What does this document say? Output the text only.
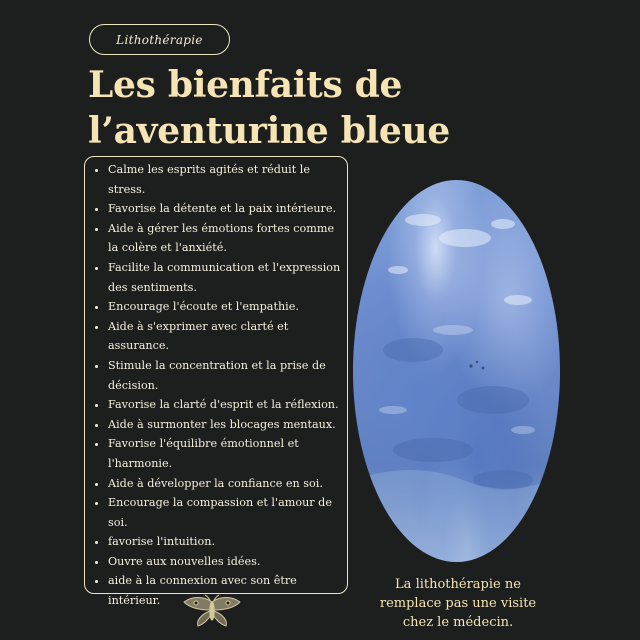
Lithothérapie
Les bienfaits de
l’aventurine bleue
• Calme les esprits agités et réduit le stress.
• Favorise la détente et la paix intérieure.
• Aide à gérer les émotions fortes comme la colère et l'anxiété.
• Facilite la communication et l'expression des sentiments.
• Encourage l'écoute et l'empathie.
• Aide à s'exprimer avec clarté et assurance.
• Stimule la concentration et la prise de décision.
• Favorise la clarté d'esprit et la réflexion.
• Aide à surmonter les blocages mentaux.
• Favorise l'équilibre émotionnel et l'harmonie.
• Aide à développer la confiance en soi.
• Encourage la compassion et l'amour de soi.
• favorise l'intuition.
• Ouvre aux nouvelles idées.
• aide à la connexion avec son être intérieur.
La lithothérapie ne remplace pas une visite chez le médecin.
